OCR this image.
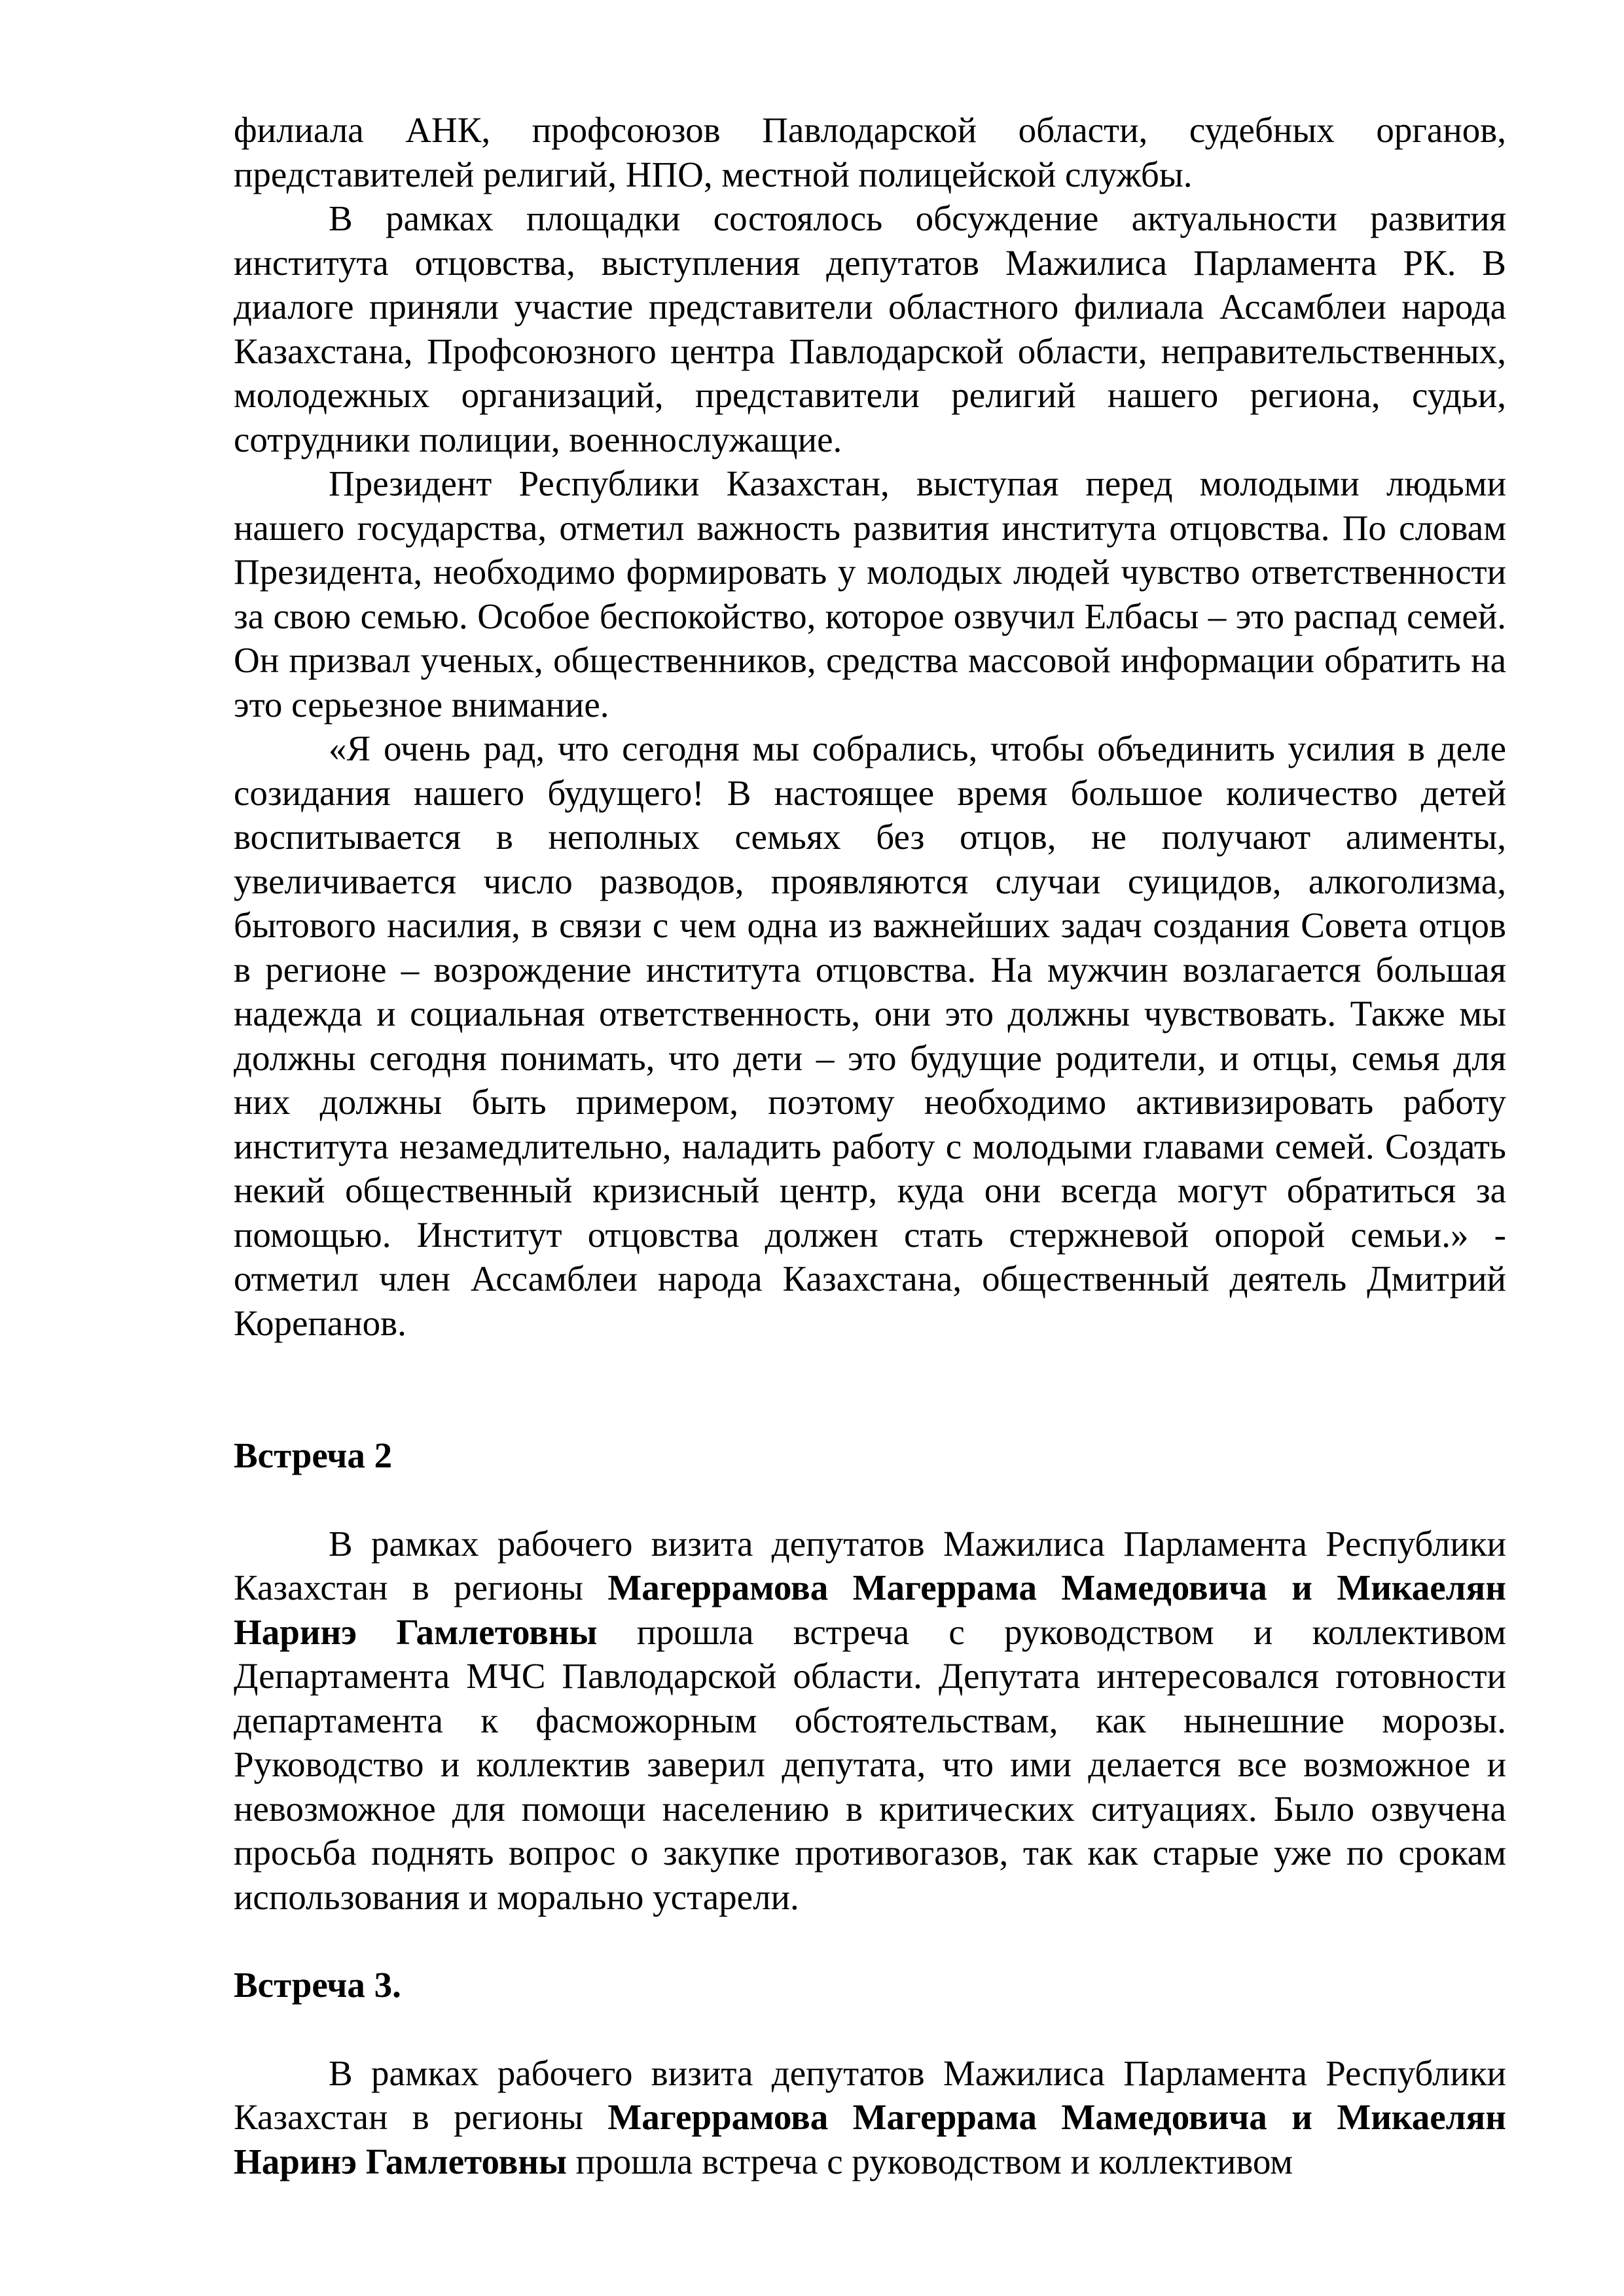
филиала АНК, профсоюзов Павлодарской области, судебных органов, представителей религий, НПО, местной полицейской службы.

В рамках площадки состоялось обсуждение актуальности развития института отцовства, выступления депутатов Мажилиса Парламента РК. В диалоге приняли участие представители областного филиала Ассамблеи народа Казахстана, Профсоюзного центра Павлодарской области, неправительственных, молодежных организаций, представители религий нашего региона, судьи, сотрудники полиции, военнослужащие.

Президент Республики Казахстан, выступая перед молодыми людьми нашего государства, отметил важность развития института отцовства. По словам Президента, необходимо формировать у молодых людей чувство ответственности за свою семью. Особое беспокойство, которое озвучил Елбасы – это распад семей. Он призвал ученых, общественников, средства массовой информации обратить на это серьезное внимание.

«Я очень рад, что сегодня мы собрались, чтобы объединить усилия в деле созидания нашего будущего! В настоящее время большое количество детей воспитывается в неполных семьях без отцов, не получают алименты, увеличивается число разводов, проявляются случаи суицидов, алкоголизма, бытового насилия, в связи с чем одна из важнейших задач создания Совета отцов в регионе – возрождение института отцовства. На мужчин возлагается большая надежда и социальная ответственность, они это должны чувствовать. Также мы должны сегодня понимать, что дети – это будущие родители, и отцы, семья для них должны быть примером, поэтому необходимо активизировать работу института незамедлительно, наладить работу с молодыми главами семей. Создать некий общественный кризисный центр, куда они всегда могут обратиться за помощью. Институт отцовства должен стать стержневой опорой семьи.» - отметил член Ассамблеи народа Казахстана, общественный деятель Дмитрий Корепанов.

Встреча 2

В рамках рабочего визита депутатов Мажилиса Парламента Республики Казахстан в регионы Магеррамова Магеррама Мамедовича и Микаелян Наринэ Гамлетовны прошла встреча с руководством и коллективом Департамента МЧС Павлодарской области. Депутата интересовался готовности департамента к фасможорным обстоятельствам, как нынешние морозы. Руководство и коллектив заверил депутата, что ими делается все возможное и невозможное для помощи населению в критических ситуациях. Было озвучена просьба поднять вопрос о закупке противогазов, так как старые уже по срокам использования и морально устарели.

Встреча 3.

В рамках рабочего визита депутатов Мажилиса Парламента Республики Казахстан в регионы Магеррамова Магеррама Мамедовича и Микаелян Наринэ Гамлетовны прошла встреча с руководством и коллективом
